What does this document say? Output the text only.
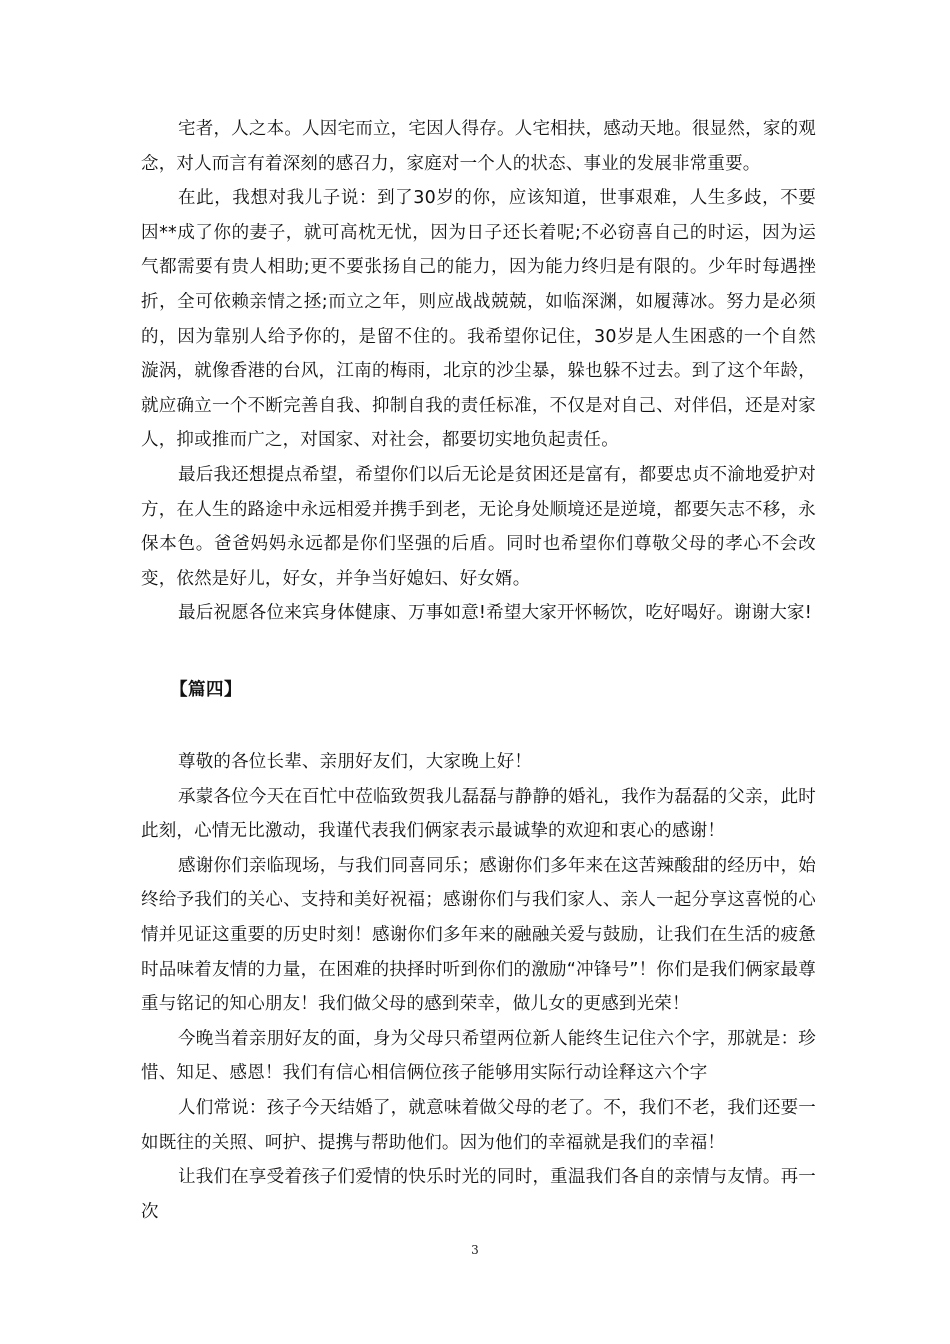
宅者，人之本。人因宅而立，宅因人得存。人宅相扶，感动天地。很显然，家的观念，对人而言有着深刻的感召力，家庭对一个人的状态、事业的发展非常重要。

在此，我想对我儿子说：到了30岁的你，应该知道，世事艰难，人生多歧，不要因**成了你的妻子，就可高枕无忧，因为日子还长着呢;不必窃喜自己的时运，因为运气都需要有贵人相助;更不要张扬自己的能力，因为能力终归是有限的。少年时每遇挫折，全可依赖亲情之拯;而立之年，则应战战兢兢，如临深渊，如履薄冰。努力是必须的，因为靠别人给予你的，是留不住的。我希望你记住，30岁是人生困惑的一个自然漩涡，就像香港的台风，江南的梅雨，北京的沙尘暴，躲也躲不过去。到了这个年龄，就应确立一个不断完善自我、抑制自我的责任标准，不仅是对自己、对伴侣，还是对家人，抑或推而广之，对国家、对社会，都要切实地负起责任。

最后我还想提点希望，希望你们以后无论是贫困还是富有，都要忠贞不渝地爱护对方，在人生的路途中永远相爱并携手到老，无论身处顺境还是逆境，都要矢志不移，永保本色。爸爸妈妈永远都是你们坚强的后盾。同时也希望你们尊敬父母的孝心不会改变，依然是好儿，好女，并争当好媳妇、好女婿。

最后祝愿各位来宾身体健康、万事如意!希望大家开怀畅饮，吃好喝好。谢谢大家!

【篇四】

尊敬的各位长辈、亲朋好友们，大家晚上好！

承蒙各位今天在百忙中莅临致贺我儿磊磊与静静的婚礼，我作为磊磊的父亲，此时此刻，心情无比激动，我谨代表我们俩家表示最诚挚的欢迎和衷心的感谢！

感谢你们亲临现场，与我们同喜同乐；感谢你们多年来在这苦辣酸甜的经历中，始终给予我们的关心、支持和美好祝福；感谢你们与我们家人、亲人一起分享这喜悦的心情并见证这重要的历史时刻！感谢你们多年来的融融关爱与鼓励，让我们在生活的疲惫时品味着友情的力量，在困难的抉择时听到你们的激励“冲锋号”！你们是我们俩家最尊重与铭记的知心朋友！我们做父母的感到荣幸，做儿女的更感到光荣！

今晚当着亲朋好友的面，身为父母只希望两位新人能终生记住六个字，那就是：珍惜、知足、感恩！我们有信心相信俩位孩子能够用实际行动诠释这六个字

人们常说：孩子今天结婚了，就意味着做父母的老了。不，我们不老，我们还要一如既往的关照、呵护、提携与帮助他们。因为他们的幸福就是我们的幸福！

让我们在享受着孩子们爱情的快乐时光的同时，重温我们各自的亲情与友情。再一次

3
